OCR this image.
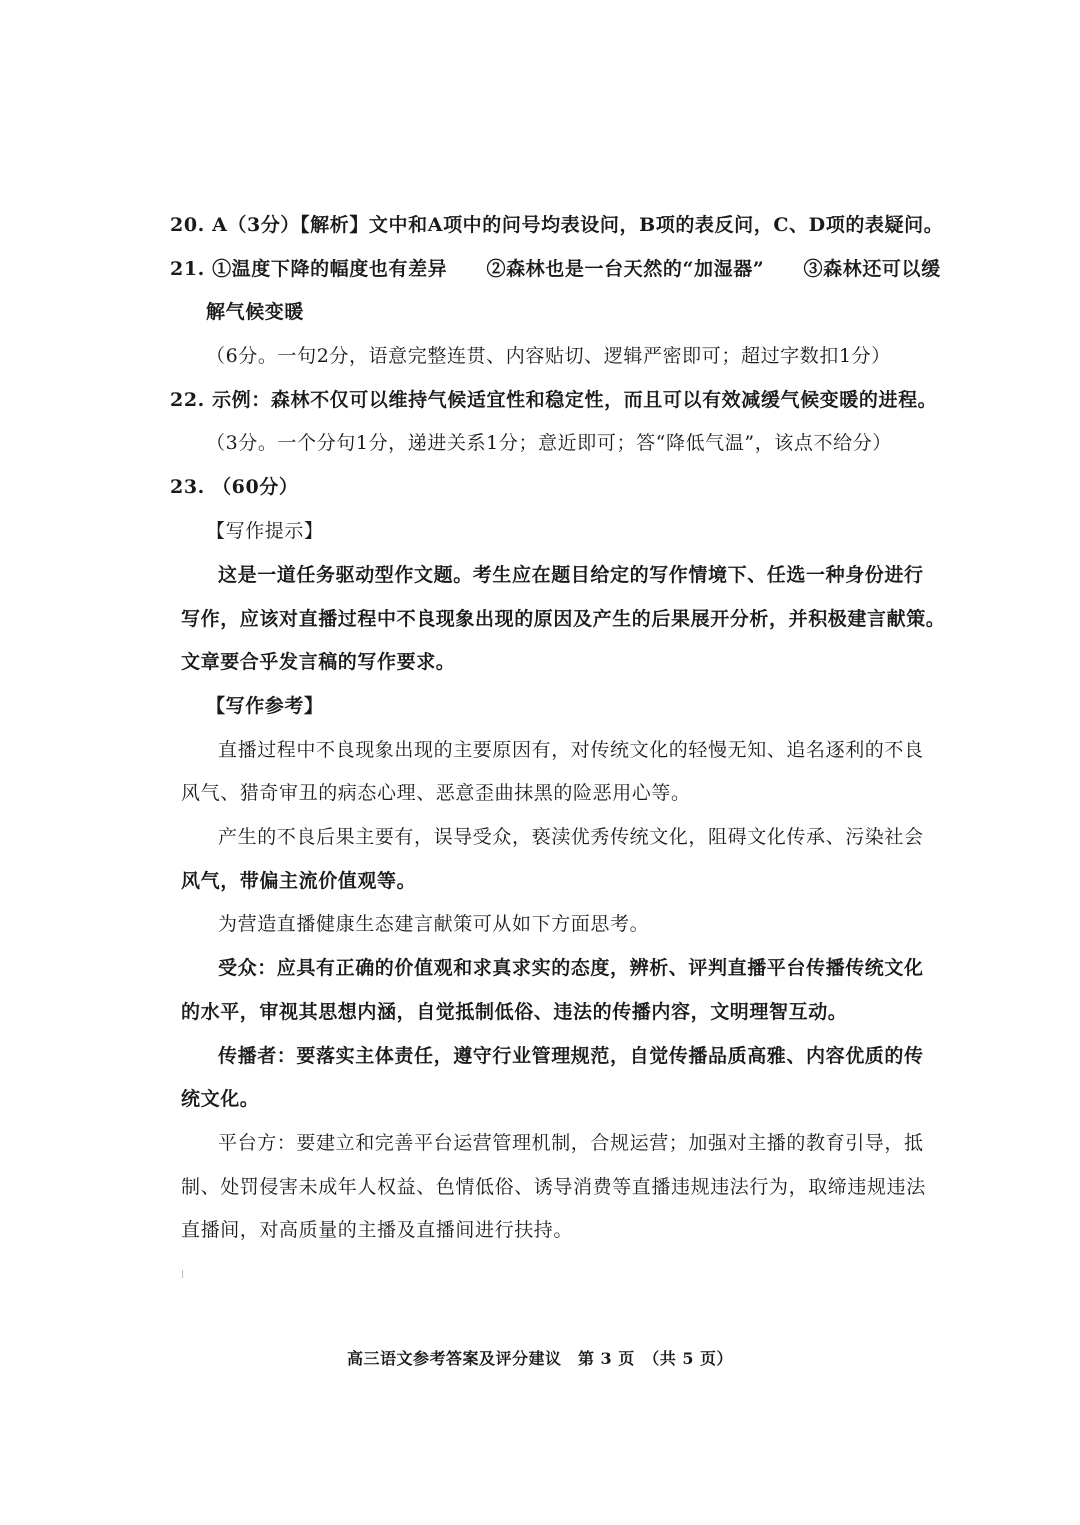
20. A（3分）【解析】文中和A项中的问号均表设问，B项的表反问，C、D项的表疑问。
21. ①温度下降的幅度也有差异　　②森林也是一台天然的“加湿器”　　③森林还可以缓
解气候变暖
（6分。一句2分，语意完整连贯、内容贴切、逻辑严密即可；超过字数扣1分）
22. 示例：森林不仅可以维持气候适宜性和稳定性，而且可以有效减缓气候变暖的进程。
（3分。一个分句1分，递进关系1分；意近即可；答“降低气温”，该点不给分）
23. （60分）
【写作提示】
这是一道任务驱动型作文题。考生应在题目给定的写作情境下、任选一种身份进行
写作，应该对直播过程中不良现象出现的原因及产生的后果展开分析，并积极建言献策。
文章要合乎发言稿的写作要求。
【写作参考】
直播过程中不良现象出现的主要原因有，对传统文化的轻慢无知、追名逐利的不良
风气、猎奇审丑的病态心理、恶意歪曲抹黑的险恶用心等。
产生的不良后果主要有，误导受众，亵渎优秀传统文化，阻碍文化传承、污染社会
风气，带偏主流价值观等。
为营造直播健康生态建言献策可从如下方面思考。
受众：应具有正确的价值观和求真求实的态度，辨析、评判直播平台传播传统文化
的水平，审视其思想内涵，自觉抵制低俗、违法的传播内容，文明理智互动。
传播者：要落实主体责任，遵守行业管理规范，自觉传播品质高雅、内容优质的传
统文化。
平台方：要建立和完善平台运营管理机制，合规运营；加强对主播的教育引导，抵
制、处罚侵害未成年人权益、色情低俗、诱导消费等直播违规违法行为，取缔违规违法
直播间，对高质量的主播及直播间进行扶持。
高三语文参考答案及评分建议　第 3 页　（共 5 页）
